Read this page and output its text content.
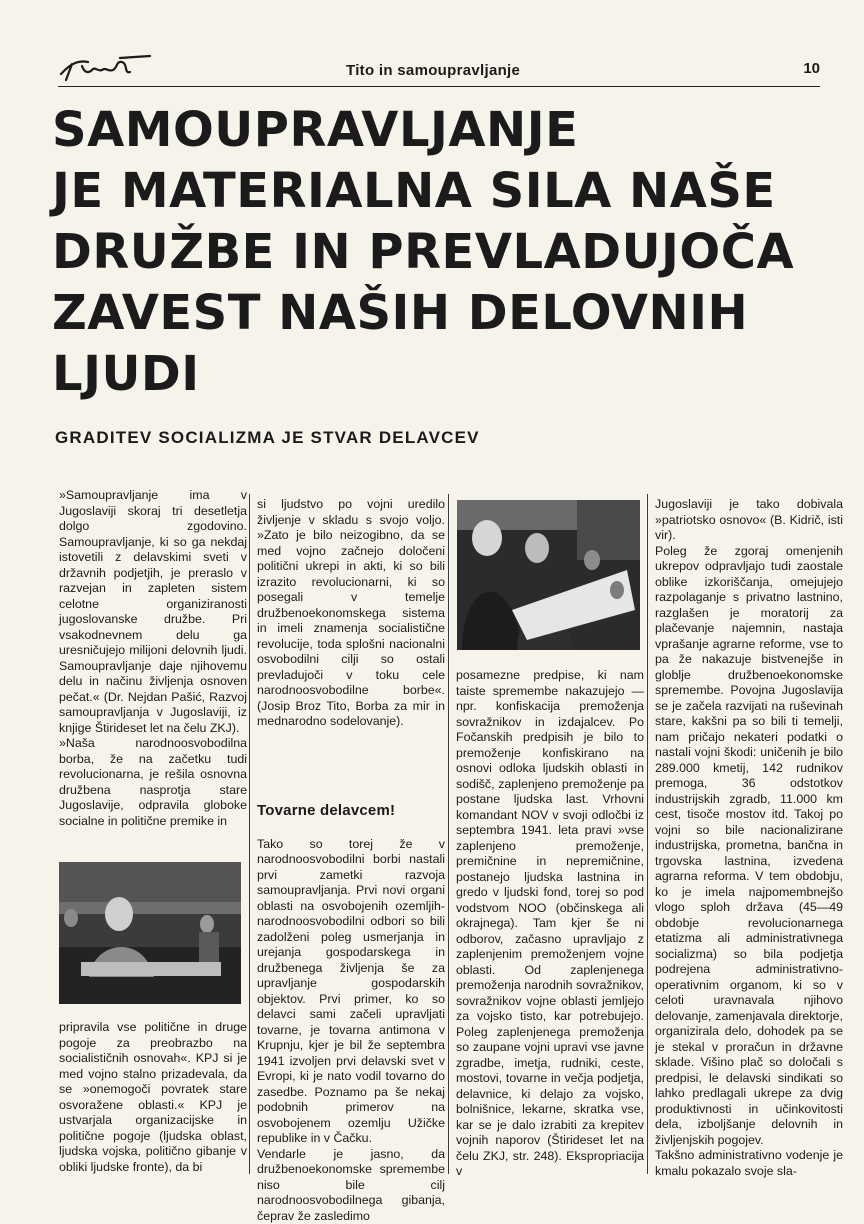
Tito in samoupravljanje	10
SAMOUPRAVLJANJE
JE MATERIALNA SILA NAŠE
DRUŽBE IN PREVLADUJOČA
ZAVEST NAŠIH DELOVNIH
LJUDI
GRADITEV SOCIALIZMA JE STVAR DELAVCEV

»Samoupravljanje ima v Jugoslaviji skoraj tri desetletja dolgo zgodovino. Samoupravljanje, ki so ga nekdaj istovetili z delavskimi sveti v državnih podjetjih, je preraslo v razvejan in zapleten sistem celotne organiziranosti jugoslovanske družbe. Pri vsakodnevnem delu ga uresničujejo milijoni delovnih ljudi. Samoupravljanje daje njihovemu delu in načinu življenja osnoven pečat.« (Dr. Nejdan Pašić, Razvoj samoupravljanja v Jugoslaviji, iz knjige Štirideset let na čelu ZKJ).

»Naša narodnoosvobodilna borba, že na začetku tudi revolucionarna, je rešila osnovna družbena nasprotja stare Jugoslavije, odpravila globoke socialne in politične premike in

pripravila vse politične in druge pogoje za preobrazbo na socialističnih osnovah«. KPJ si je med vojno stalno prizadevala, da se »onemogoči povratek stare osvoražene oblasti.« KPJ je ustvarjala organizacijske in politične pogoje (ljudska oblast, ljudska vojska, politično gibanje v obliki ljudske fronte), da bi

si ljudstvo po vojni uredilo življenje v skladu s svojo voljo. »Zato je bilo neizogibno, da se med vojno začnejo določeni politični ukrepi in akti, ki so bili izrazito revolucionarni, ki so posegali v temelje družbenoekonomskega sistema in imeli znamenja socialistične revolucije, toda splošni nacionalni osvobodilni cilji so ostali prevladujoči v toku cele narodnoosvobodilne borbe«. (Josip Broz Tito, Borba za mir in mednarodno sodelovanje).

Tovarne delavcem!

Tako so torej že v narodnoosvobodilni borbi nastali prvi zametki razvoja samoupravljanja. Prvi novi organi oblasti na osvobojenih ozemljih-narodnoosvobodilni odbori so bili zadolženi poleg usmerjanja in urejanja gospodarskega in družbenega življenja še za upravljanje gospodarskih objektov. Prvi primer, ko so delavci sami začeli upravljati tovarne, je tovarna antimona v Krupnju, kjer je bil že septembra 1941 izvoljen prvi delavski svet v Evropi, ki je nato vodil tovarno do zasedbe. Poznamo pa še nekaj podobnih primerov na osvobojenem ozemlju Užičke republike in v Čačku.

Vendarle je jasno, da družbenoekonomske spremembe niso bile cilj narodnoosvobodilnega gibanja, čeprav že zasledimo

posamezne predpise, ki nam taiste spremembe nakazujejo — npr. konfiskacija premoženja sovražnikov in izdajalcev. Po Fočanskih predpisih je bilo to premoženje konfiskirano na osnovi odloka ljudskih oblasti in sodišč, zaplenjeno premoženje pa postane ljudska last. Vrhovni komandant NOV v svoji odločbi iz septembra 1941. leta pravi »vse zaplenjeno premoženje, premičnine in nepremičnine, postanejo ljudska lastnina in gredo v ljudski fond, torej so pod vodstvom NOO (občinskega ali okrajnega). Tam kjer še ni odborov, začasno upravljajo z zaplenjenim premoženjem vojne oblasti. Od zaplenjenega premoženja narodnih sovražnikov, sovražnikov vojne oblasti jemljejo za vojsko tisto, kar potrebujejo. Poleg zaplenjenega premoženja so zaupane vojni upravi vse javne zgradbe, imetja, rudniki, ceste, mostovi, tovarne in večja podjetja, delavnice, ki delajo za vojsko, bolnišnice, lekarne, skratka vse, kar se je dalo izrabiti za krepitev vojnih naporov (Štirideset let na čelu ZKJ, str. 248). Ekspropriacija v

Jugoslaviji je tako dobivala »patriotsko osnovo« (B. Kidrič, isti vir).

Poleg že zgoraj omenjenih ukrepov odpravljajo tudi zaostale oblike izkoriščanja, omejujejo razpolaganje s privatno lastnino, razglašen je moratorij za plačevanje najemnin, nastaja vprašanje agrarne reforme, vse to pa že nakazuje bistvenejše in globlje družbenoekonomske spremembe. Povojna Jugoslavija se je začela razvijati na ruševinah stare, kakšni pa so bili ti temelji, nam pričajo nekateri podatki o nastali vojni škodi: uničenih je bilo 289.000 kmetij, 142 rudnikov premoga, 36 odstotkov industrijskih zgradb, 11.000 km cest, tisoče mostov itd. Takoj po vojni so bile nacionalizirane industrijska, prometna, bančna in trgovska lastnina, izvedena agrarna reforma. V tem obdobju, ko je imela najpomembnejšo vlogo sploh država (45—49 obdobje revolucionarnega etatizma ali administrativnega socializma) so bila podjetja podrejena administrativno-operativnim organom, ki so v celoti uravnavala njihovo delovanje, zamenjavala direktorje, organizirala delo, dohodek pa se je stekal v proračun in državne sklade. Višino plač so določali s predpisi, le delavski sindikati so lahko predlagali ukrepe za dvig produktivnosti in učinkovitosti dela, izboljšanje delovnih in življenjskih pogojev.

Takšno administrativno vodenje je kmalu pokazalo svoje sla-
